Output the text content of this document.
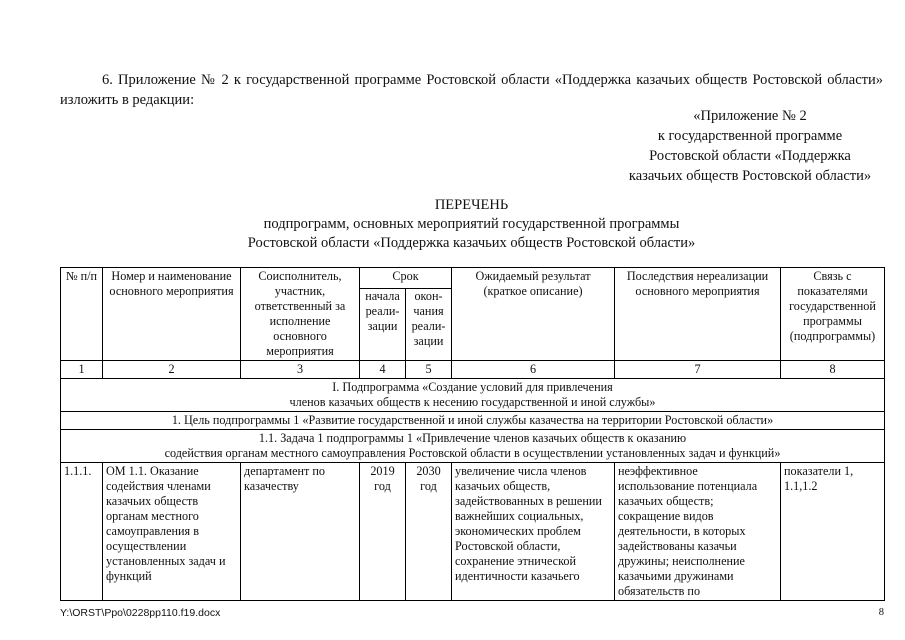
6. Приложение № 2 к государственной программе Ростовской области «Поддержка казачьих обществ Ростовской области» изложить в редакции:
«Приложение № 2
к государственной программе
Ростовской области «Поддержка
казачьих обществ Ростовской области»
ПЕРЕЧЕНЬ
подпрограмм, основных мероприятий государственной программы
Ростовской области «Поддержка казачьих обществ Ростовской области»
№ п/п	Номер и наименование основного мероприятия	Соисполнитель, участник, ответственный за исполнение основного мероприятия	Срок		Ожидаемый результат (краткое описание)	Последствия нереализации основного мероприятия	Связь с показателями государственной программы (подпрограммы)
			начала реали-зации	окон-чания реали-зации			
1	2	3	4	5	6	7	8

I. Подпрограмма «Создание условий для привлечения
членов казачьих обществ к несению государственной и иной службы»							

1. Цель подпрограммы 1 «Развитие государственной и иной службы казачества на территории Ростовской области»							

1.1. Задача 1 подпрограммы 1 «Привлечение членов казачьих обществ к оказанию
содействия органам местного самоуправления Ростовской области в осуществлении установленных задач и функций»							

1.1.1.	ОМ 1.1. Оказание содействия членами казачьих обществ органам местного самоуправления в осуществлении установленных задач и функций	департамент по казачеству	2019 год	2030 год	увеличение числа членов казачьих обществ, задействованных в решении важнейших социальных, экономических проблем Ростовской области, сохранение этнической идентичности казачьего	неэффективное использование потенциала казачьих обществ; сокращение видов деятельности, в которых задействованы казачьи дружины; неисполнение казачьими дружинами обязательств по	показатели 1, 1.1,1.2
Y:\ORST\Ppo\0228pp110.f19.docx	8
